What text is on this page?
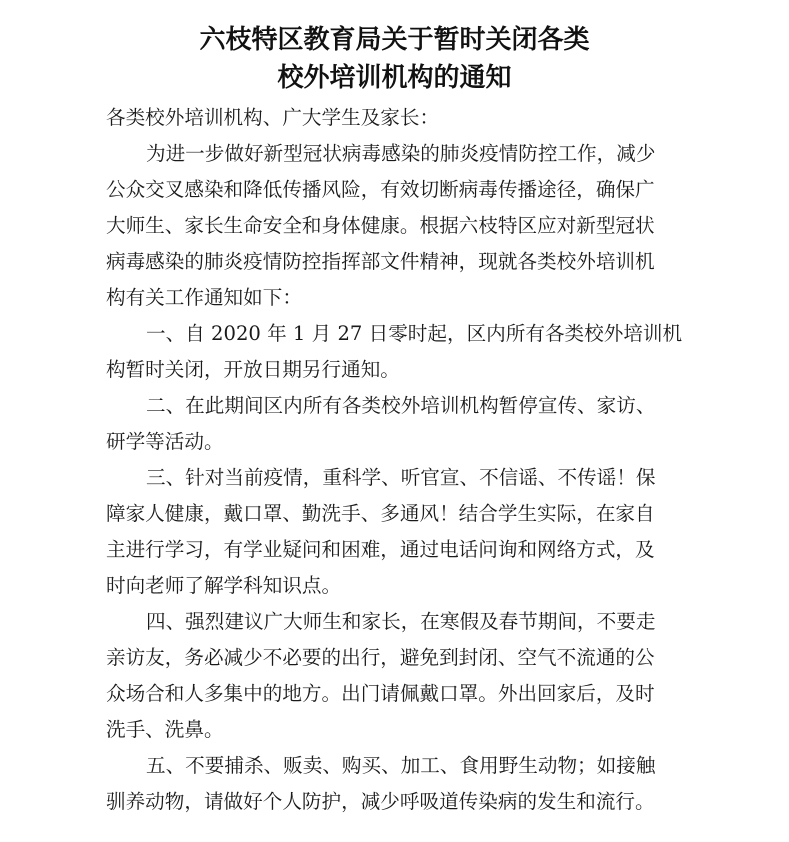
六枝特区教育局关于暂时关闭各类
校外培训机构的通知
各类校外培训机构、广大学生及家长：
为进一步做好新型冠状病毒感染的肺炎疫情防控工作，减少
公众交叉感染和降低传播风险，有效切断病毒传播途径，确保广
大师生、家长生命安全和身体健康。根据六枝特区应对新型冠状
病毒感染的肺炎疫情防控指挥部文件精神，现就各类校外培训机
构有关工作通知如下：
一、自 2020 年 1 月 27 日零时起，区内所有各类校外培训机
构暂时关闭，开放日期另行通知。
二、在此期间区内所有各类校外培训机构暂停宣传、家访、
研学等活动。
三、针对当前疫情，重科学、听官宣、不信谣、不传谣！保
障家人健康，戴口罩、勤洗手、多通风！结合学生实际，在家自
主进行学习，有学业疑问和困难，通过电话问询和网络方式，及
时向老师了解学科知识点。
四、强烈建议广大师生和家长，在寒假及春节期间，不要走
亲访友，务必减少不必要的出行，避免到封闭、空气不流通的公
众场合和人多集中的地方。出门请佩戴口罩。外出回家后，及时
洗手、洗鼻。
五、不要捕杀、贩卖、购买、加工、食用野生动物；如接触
驯养动物，请做好个人防护，减少呼吸道传染病的发生和流行。
